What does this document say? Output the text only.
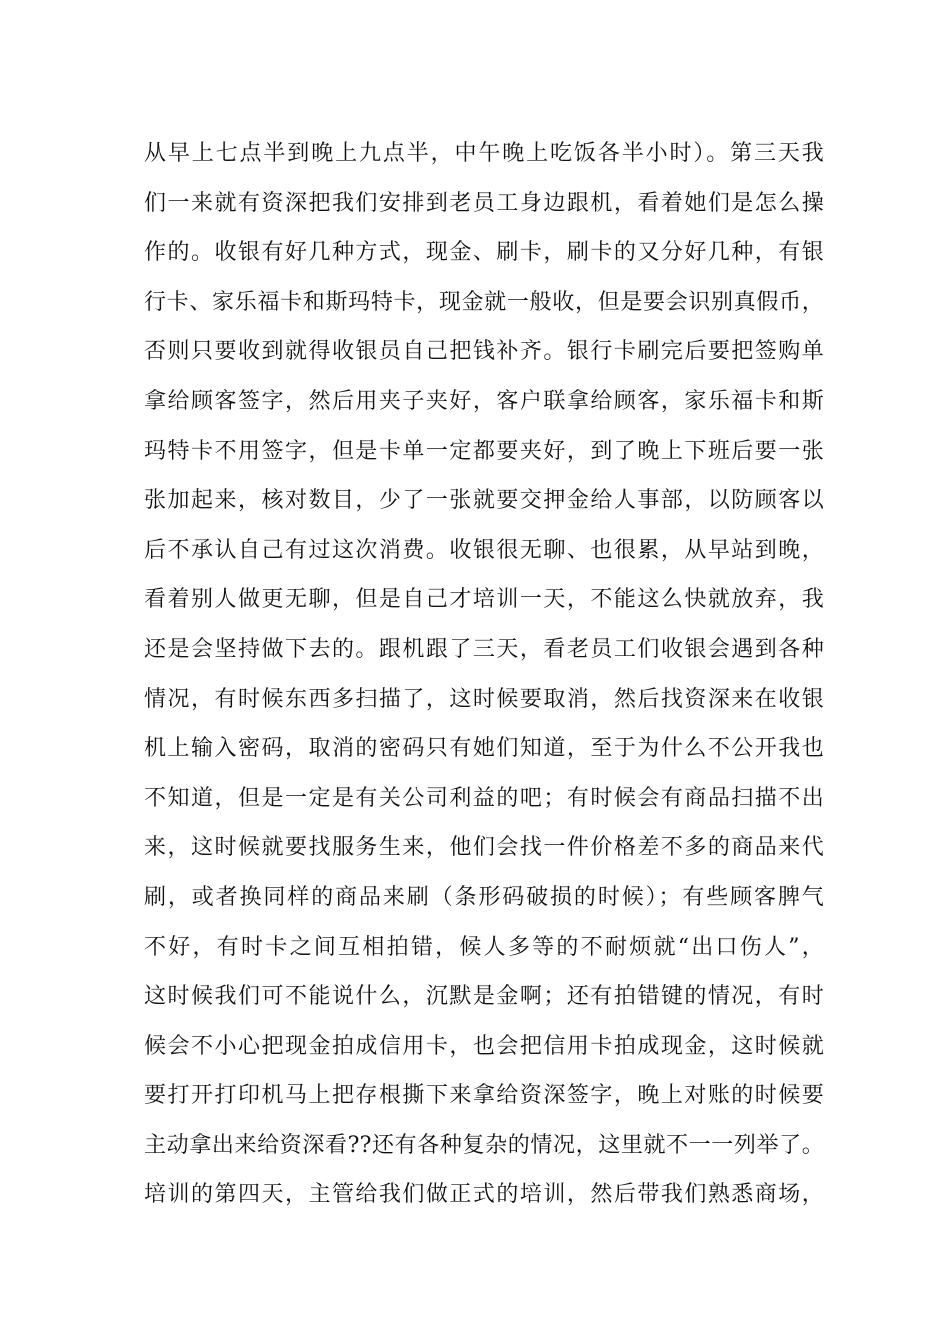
从早上七点半到晚上九点半，中午晚上吃饭各半小时）。第三天我
们一来就有资深把我们安排到老员工身边跟机，看着她们是怎么操
作的。收银有好几种方式，现金、刷卡，刷卡的又分好几种，有银
行卡、家乐福卡和斯玛特卡，现金就一般收，但是要会识别真假币，
否则只要收到就得收银员自己把钱补齐。银行卡刷完后要把签购单
拿给顾客签字，然后用夹子夹好，客户联拿给顾客，家乐福卡和斯
玛特卡不用签字，但是卡单一定都要夹好，到了晚上下班后要一张
张加起来，核对数目，少了一张就要交押金给人事部，以防顾客以
后不承认自己有过这次消费。收银很无聊、也很累，从早站到晚，
看着别人做更无聊，但是自己才培训一天，不能这么快就放弃，我
还是会坚持做下去的。跟机跟了三天，看老员工们收银会遇到各种
情况，有时候东西多扫描了，这时候要取消，然后找资深来在收银
机上输入密码，取消的密码只有她们知道，至于为什么不公开我也
不知道，但是一定是有关公司利益的吧；有时候会有商品扫描不出
来，这时候就要找服务生来，他们会找一件价格差不多的商品来代
刷，或者换同样的商品来刷（条形码破损的时候）；有些顾客脾气
不好，有时卡之间互相拍错，候人多等的不耐烦就“出口伤人”，
这时候我们可不能说什么，沉默是金啊；还有拍错键的情况，有时
候会不小心把现金拍成信用卡，也会把信用卡拍成现金，这时候就
要打开打印机马上把存根撕下来拿给资深签字，晚上对账的时候要
主动拿出来给资深看??还有各种复杂的情况，这里就不一一列举了。
培训的第四天，主管给我们做正式的培训，然后带我们熟悉商场，
